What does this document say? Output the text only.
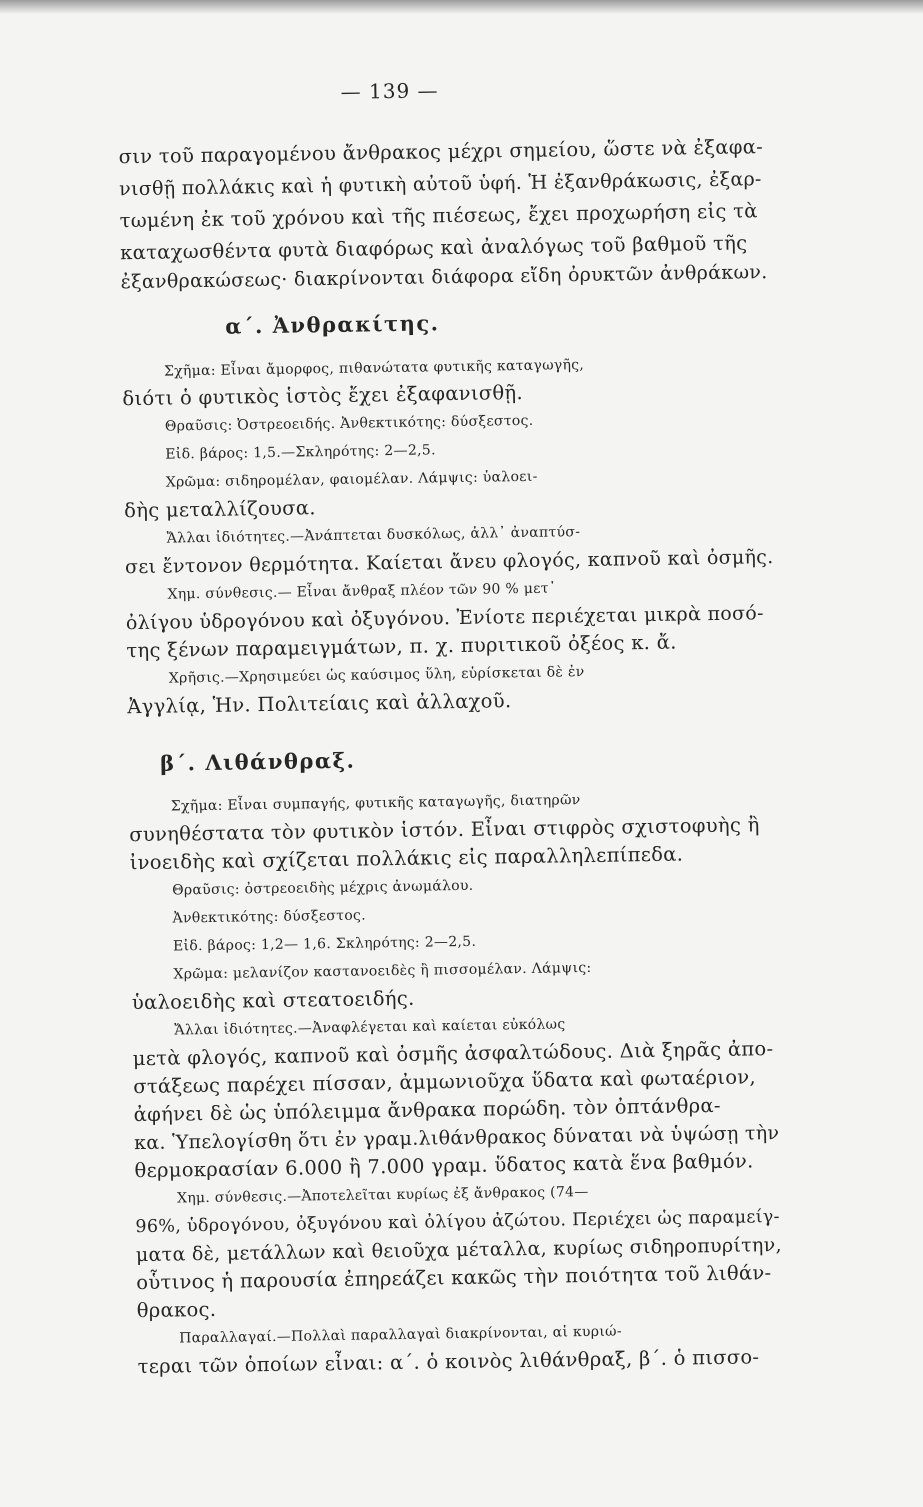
— 139 —

σιν τοῦ παραγομένου ἄνθρακος μέχρι σημείου, ὥστε νὰ ἐξαφα-

νισθῇ πολλάκις καὶ ἡ φυτικὴ αὐτοῦ ὑφή. Ἡ ἐξανθράκωσις, ἐξαρ-

τωμένη ἐκ τοῦ χρόνου καὶ τῆς πιέσεως, ἔχει προχωρήση εἰς τὰ

καταχωσθέντα φυτὰ διαφόρως καὶ ἀναλόγως τοῦ βαθμοῦ τῆς

ἐξανθρακώσεως· διακρίνονται διάφορα εἴδη ὀρυκτῶν ἀνθράκων.

α΄. Ἀνθρακίτης.

Σχῆμα: Εἶναι ἄμορφος, πιθανώτατα φυτικῆς καταγωγῆς,

διότι ὁ φυτικὸς ἱστὸς ἔχει ἐξαφανισθῇ.

Θραῦσις: Ὀστρεοειδής. Ἀνθεκτικότης: δύσξεστος.

Εἰδ. βάρος: 1,5.—Σκληρότης: 2—2,5.

Χρῶμα: σιδηρομέλαν, φαιομέλαν. Λάμψις: ὑαλοει-

δὴς μεταλλίζουσα.

Ἄλλαι ἰδιότητες.—Ἀνάπτεται δυσκόλως, ἀλλ᾽ ἀναπτύσ-

σει ἔντονον θερμότητα. Καίεται ἄνευ φλογός, καπνοῦ καὶ ὀσμῆς.

Χημ. σύνθεσις.— Εἶναι ἄνθραξ πλέον τῶν 90 % μετ᾽

ὀλίγου ὑδρογόνου καὶ ὀξυγόνου. Ἐνίοτε περιέχεται μικρὰ ποσό-

της ξένων παραμειγμάτων, π. χ. πυριτικοῦ ὀξέος κ. ἄ.

Χρῆσις.—Χρησιμεύει ὡς καύσιμος ὕλη, εὑρίσκεται δὲ ἐν

Ἀγγλίᾳ, Ἡν. Πολιτείαις καὶ ἀλλαχοῦ.

β΄. Λιθάνθραξ.

Σχῆμα: Εἶναι συμπαγής, φυτικῆς καταγωγῆς, διατηρῶν

συνηθέστατα τὸν φυτικὸν ἱστόν. Εἶναι στιφρὸς σχιστοφυὴς ἢ

ἰνοειδὴς καὶ σχίζεται πολλάκις εἰς παραλληλεπίπεδα.

Θραῦσις: ὀστρεοειδὴς μέχρις ἀνωμάλου.

Ἀνθεκτικότης: δύσξεστος.

Εἰδ. βάρος: 1,2— 1,6. Σκληρότης: 2—2,5.

Χρῶμα: μελανίζον καστανοειδὲς ἢ πισσομέλαν. Λάμψις:

ὑαλοειδὴς καὶ στεατοειδής.

Ἄλλαι ἰδιότητες.—Ἀναφλέγεται καὶ καίεται εὐκόλως

μετὰ φλογός, καπνοῦ καὶ ὀσμῆς ἀσφαλτώδους. Διὰ ξηρᾶς ἀπο-

στάξεως παρέχει πίσσαν, ἀμμωνιοῦχα ὕδατα καὶ φωταέριον,

ἀφήνει δὲ ὡς ὑπόλειμμα ἄνθρακα πορώδη. τὸν ὀπτάνθρα-

κα. Ὑπελογίσθη ὅτι ἐν γραμ.λιθάνθρακος δύναται νὰ ὑψώσῃ τὴν

θερμοκρασίαν 6.000 ἢ 7.000 γραμ. ὕδατος κατὰ ἕνα βαθμόν.

Χημ. σύνθεσις.—Ἀποτελεῖται κυρίως ἐξ ἄνθρακος (74—

96%, ὑδρογόνου, ὀξυγόνου καὶ ὀλίγου ἀζώτου. Περιέχει ὡς παραμείγ-

ματα δὲ, μετάλλων καὶ θειοῦχα μέταλλα, κυρίως σιδηροπυρίτην,

οὗτινος ἡ παρουσία ἐπηρεάζει κακῶς τὴν ποιότητα τοῦ λιθάν-

θρακος.

Παραλλαγαί.—Πολλαὶ παραλλαγαὶ διακρίνονται, αἱ κυριώ-

τεραι τῶν ὁποίων εἶναι: α΄. ὁ κοινὸς λιθάνθραξ, β΄. ὁ πισσο-
